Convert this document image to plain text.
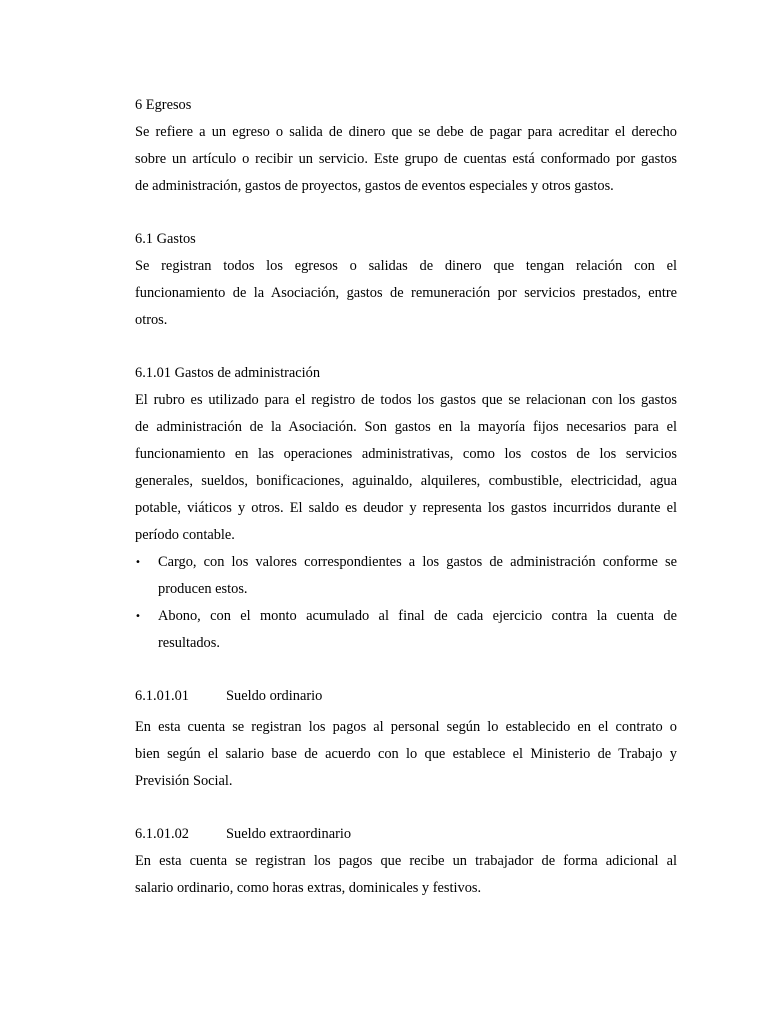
6 Egresos
Se refiere a un egreso o salida de dinero que se debe de pagar para acreditar el derecho
sobre un artículo o recibir un servicio. Este grupo de cuentas está conformado por gastos
de administración, gastos de proyectos, gastos de eventos especiales y otros gastos.
6.1 Gastos
Se registran todos los egresos o salidas de dinero que tengan relación con el
funcionamiento de la Asociación, gastos de remuneración por servicios prestados, entre
otros.
6.1.01 Gastos de administración
El rubro es utilizado para el registro de todos los gastos que se relacionan con los gastos
de administración de la Asociación. Son gastos en la mayoría fijos necesarios para el
funcionamiento en las operaciones administrativas, como los costos de los servicios
generales, sueldos, bonificaciones, aguinaldo, alquileres, combustible, electricidad, agua
potable, viáticos y otros. El saldo es deudor y representa los gastos incurridos durante el
período contable.
• Cargo, con los valores correspondientes a los gastos de administración conforme se
producen estos.
• Abono, con el monto acumulado al final de cada ejercicio contra la cuenta de
resultados.
6.1.01.01	Sueldo ordinario
En esta cuenta se registran los pagos al personal según lo establecido en el contrato o
bien según el salario base de acuerdo con lo que establece el Ministerio de Trabajo y
Previsión Social.
6.1.01.02	Sueldo extraordinario
En esta cuenta se registran los pagos que recibe un trabajador de forma adicional al
salario ordinario, como horas extras, dominicales y festivos.
